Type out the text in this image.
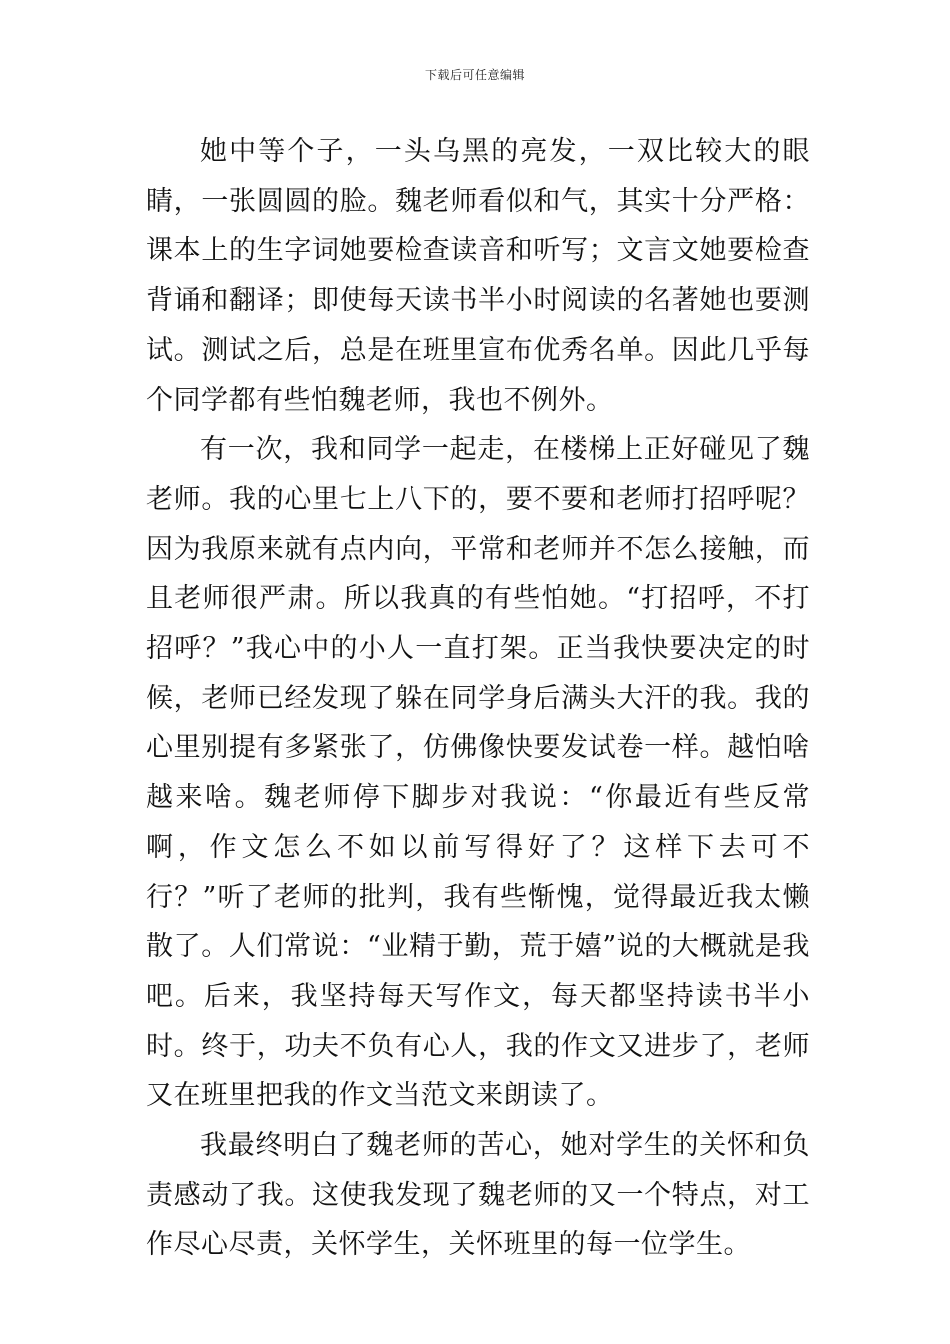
下载后可任意编辑

她中等个子，一头乌黑的亮发，一双比较大的眼睛，一张圆圆的脸。魏老师看似和气，其实十分严格：课本上的生字词她要检查读音和听写；文言文她要检查背诵和翻译；即使每天读书半小时阅读的名著她也要测试。测试之后，总是在班里宣布优秀名单。因此几乎每个同学都有些怕魏老师，我也不例外。

有一次，我和同学一起走，在楼梯上正好碰见了魏老师。我的心里七上八下的，要不要和老师打招呼呢？因为我原来就有点内向，平常和老师并不怎么接触，而且老师很严肃。所以我真的有些怕她。“打招呼，不打招呼？”我心中的小人一直打架。正当我快要决定的时候，老师已经发现了躲在同学身后满头大汗的我。我的心里别提有多紧张了，仿佛像快要发试卷一样。越怕啥越来啥。魏老师停下脚步对我说：“你最近有些反常啊，作文怎么不如以前写得好了？这样下去可不行？”听了老师的批判，我有些惭愧，觉得最近我太懒散了。人们常说：“业精于勤，荒于嬉”说的大概就是我吧。后来，我坚持每天写作文，每天都坚持读书半小时。终于，功夫不负有心人，我的作文又进步了，老师又在班里把我的作文当范文来朗读了。

我最终明白了魏老师的苦心，她对学生的关怀和负责感动了我。这使我发现了魏老师的又一个特点，对工作尽心尽责，关怀学生，关怀班里的每一位学生。
